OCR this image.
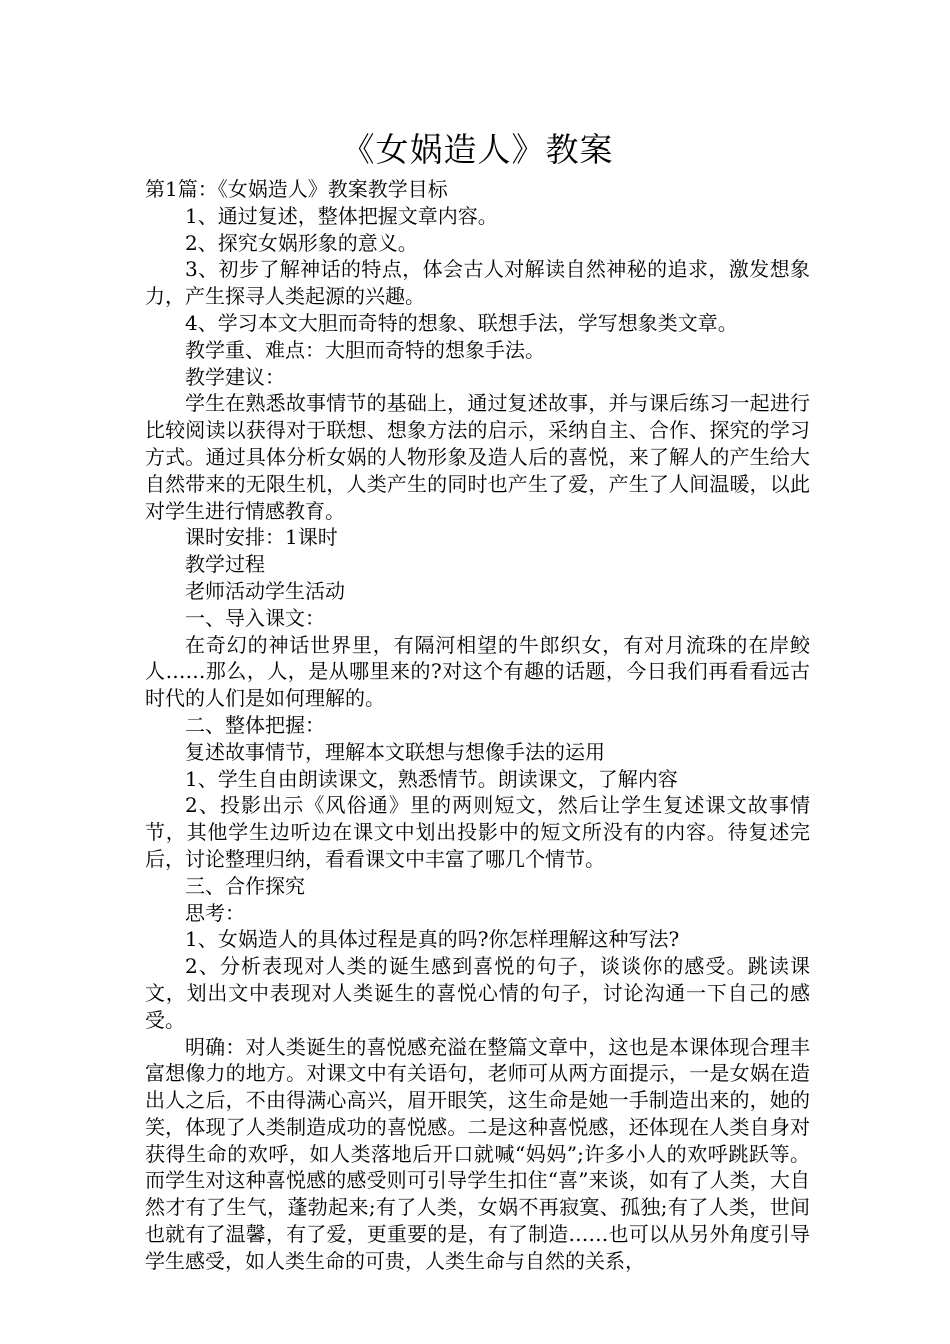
《女娲造人》教案

第1篇：《女娲造人》教案教学目标

1、通过复述，整体把握文章内容。

2、探究女娲形象的意义。

3、初步了解神话的特点，体会古人对解读自然神秘的追求，激发想象力，产生探寻人类起源的兴趣。

4、学习本文大胆而奇特的想象、联想手法，学写想象类文章。

教学重、难点：大胆而奇特的想象手法。

教学建议：

学生在熟悉故事情节的基础上，通过复述故事，并与课后练习一起进行比较阅读以获得对于联想、想象方法的启示，采纳自主、合作、探究的学习方式。通过具体分析女娲的人物形象及造人后的喜悦，来了解人的产生给大自然带来的无限生机，人类产生的同时也产生了爱，产生了人间温暖，以此对学生进行情感教育。

课时安排：1课时

教学过程

老师活动学生活动

一、导入课文：

在奇幻的神话世界里，有隔河相望的牛郎织女，有对月流珠的在岸鲛人……那么，人，是从哪里来的?对这个有趣的话题，今日我们再看看远古时代的人们是如何理解的。

二、整体把握：

复述故事情节，理解本文联想与想像手法的运用

1、学生自由朗读课文，熟悉情节。朗读课文，了解内容

2、投影出示《风俗通》里的两则短文，然后让学生复述课文故事情节，其他学生边听边在课文中划出投影中的短文所没有的内容。待复述完后，讨论整理归纳，看看课文中丰富了哪几个情节。

三、合作探究

思考：

1、女娲造人的具体过程是真的吗?你怎样理解这种写法?

2、分析表现对人类的诞生感到喜悦的句子，谈谈你的感受。跳读课文，划出文中表现对人类诞生的喜悦心情的句子，讨论沟通一下自己的感受。

明确：对人类诞生的喜悦感充溢在整篇文章中，这也是本课体现合理丰富想像力的地方。对课文中有关语句，老师可从两方面提示，一是女娲在造出人之后，不由得满心高兴，眉开眼笑，这生命是她一手制造出来的，她的笑，体现了人类制造成功的喜悦感。二是这种喜悦感，还体现在人类自身对获得生命的欢呼，如人类落地后开口就喊“妈妈”;许多小人的欢呼跳跃等。而学生对这种喜悦感的感受则可引导学生扣住“喜”来谈，如有了人类，大自然才有了生气，蓬勃起来;有了人类，女娲不再寂寞、孤独;有了人类，世间也就有了温馨，有了爱，更重要的是，有了制造……也可以从另外角度引导学生感受，如人类生命的可贵，人类生命与自然的关系，
